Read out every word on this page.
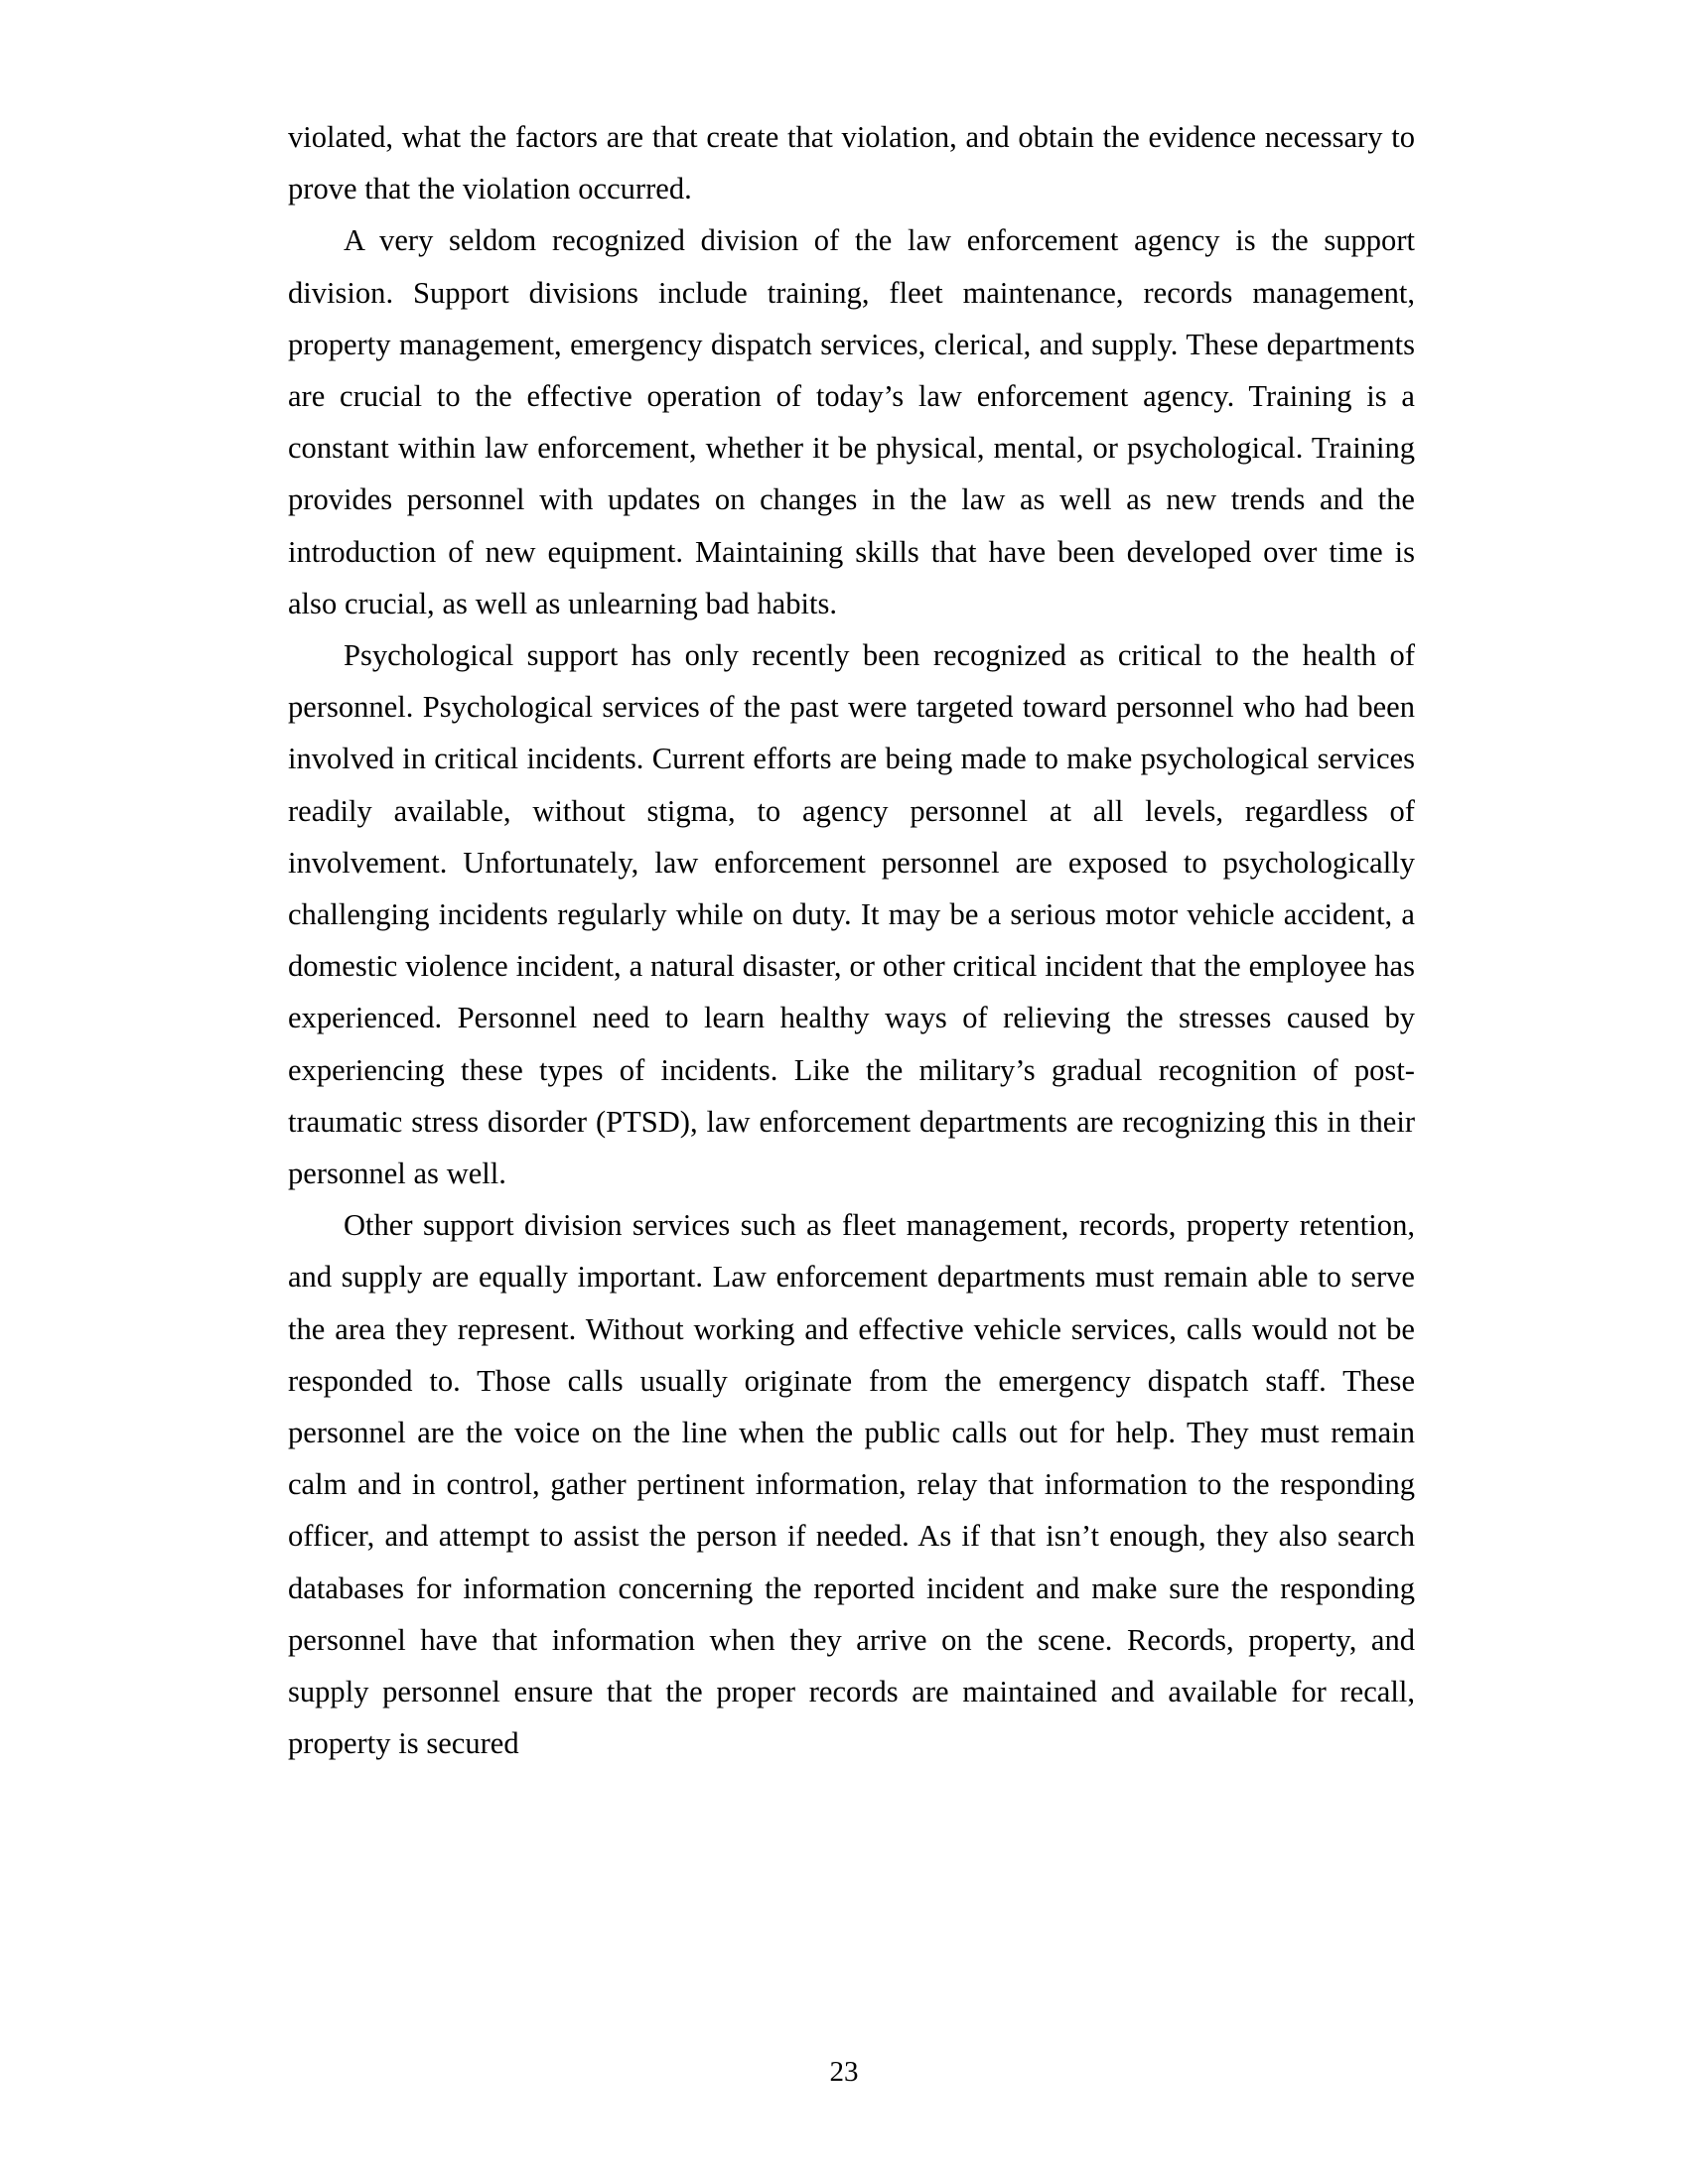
violated, what the factors are that create that violation, and obtain the evidence necessary to prove that the violation occurred.

A very seldom recognized division of the law enforcement agency is the support division. Support divisions include training, fleet maintenance, records management, property management, emergency dispatch services, clerical, and supply. These departments are crucial to the effective operation of today’s law enforcement agency. Training is a constant within law enforcement, whether it be physical, mental, or psychological. Training provides personnel with updates on changes in the law as well as new trends and the introduction of new equipment. Maintaining skills that have been developed over time is also crucial, as well as unlearning bad habits.

Psychological support has only recently been recognized as critical to the health of personnel. Psychological services of the past were targeted toward personnel who had been involved in critical incidents. Current efforts are being made to make psychological services readily available, without stigma, to agency personnel at all levels, regardless of involvement. Unfortunately, law enforcement personnel are exposed to psychologically challenging incidents regularly while on duty. It may be a serious motor vehicle accident, a domestic violence incident, a natural disaster, or other critical incident that the employee has experienced. Personnel need to learn healthy ways of relieving the stresses caused by experiencing these types of incidents. Like the military’s gradual recognition of post-traumatic stress disorder (PTSD), law enforcement departments are recognizing this in their personnel as well.

Other support division services such as fleet management, records, property retention, and supply are equally important. Law enforcement departments must remain able to serve the area they represent. Without working and effective vehicle services, calls would not be responded to. Those calls usually originate from the emergency dispatch staff. These personnel are the voice on the line when the public calls out for help. They must remain calm and in control, gather pertinent information, relay that information to the responding officer, and attempt to assist the person if needed. As if that isn’t enough, they also search databases for information concerning the reported incident and make sure the responding personnel have that information when they arrive on the scene. Records, property, and supply personnel ensure that the proper records are maintained and available for recall, property is secured

23
